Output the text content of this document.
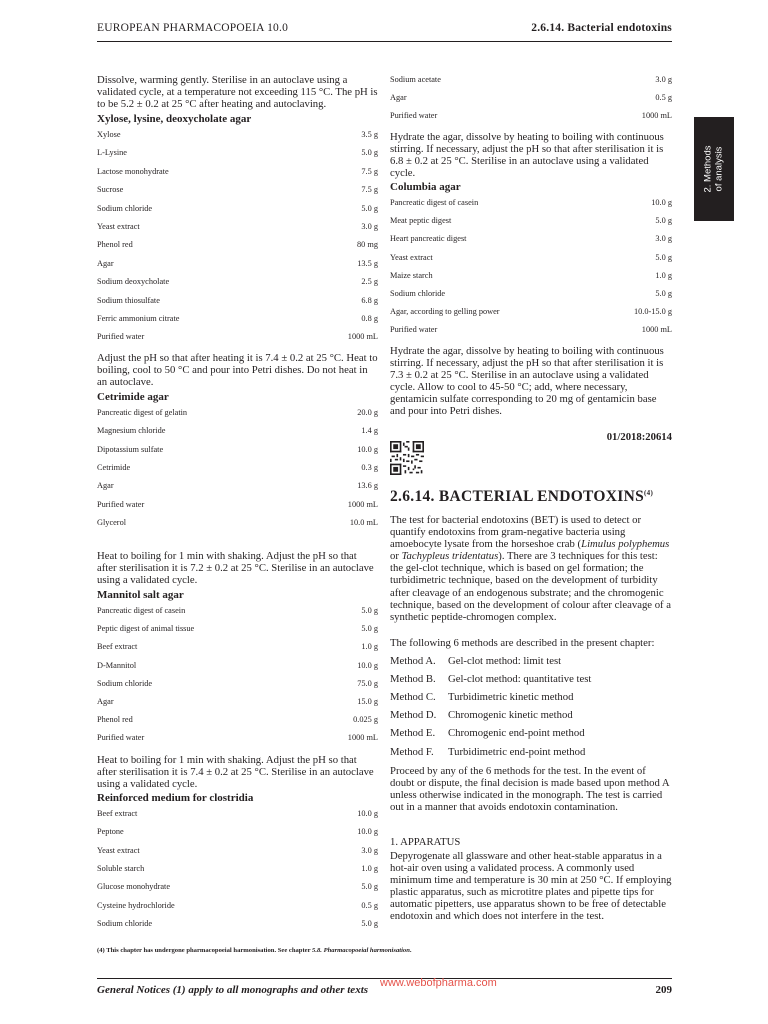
EUROPEAN PHARMACOPOEIA 10.0	2.6.14. Bacterial endotoxins
2. Methods of analysis
Dissolve, warming gently. Sterilise in an autoclave using a validated cycle, at a temperature not exceeding 115 °C. The pH is to be 5.2 ± 0.2 at 25 °C after heating and autoclaving.
Xylose, lysine, deoxycholate agar
Xylose	3.5 g
L-Lysine	5.0 g
Lactose monohydrate	7.5 g
Sucrose	7.5 g
Sodium chloride	5.0 g
Yeast extract	3.0 g
Phenol red	80 mg
Agar	13.5 g
Sodium deoxycholate	2.5 g
Sodium thiosulfate	6.8 g
Ferric ammonium citrate	0.8 g
Purified water	1000 mL
Adjust the pH so that after heating it is 7.4 ± 0.2 at 25 °C. Heat to boiling, cool to 50 °C and pour into Petri dishes. Do not heat in an autoclave.
Cetrimide agar
Pancreatic digest of gelatin	20.0 g
Magnesium chloride	1.4 g
Dipotassium sulfate	10.0 g
Cetrimide	0.3 g
Agar	13.6 g
Purified water	1000 mL
Glycerol	10.0 mL
Heat to boiling for 1 min with shaking. Adjust the pH so that after sterilisation it is 7.2 ± 0.2 at 25 °C. Sterilise in an autoclave using a validated cycle.
Mannitol salt agar
Pancreatic digest of casein	5.0 g
Peptic digest of animal tissue	5.0 g
Beef extract	1.0 g
D-Mannitol	10.0 g
Sodium chloride	75.0 g
Agar	15.0 g
Phenol red	0.025 g
Purified water	1000 mL
Heat to boiling for 1 min with shaking. Adjust the pH so that after sterilisation it is 7.4 ± 0.2 at 25 °C. Sterilise in an autoclave using a validated cycle.
Reinforced medium for clostridia
Beef extract	10.0 g
Peptone	10.0 g
Yeast extract	3.0 g
Soluble starch	1.0 g
Glucose monohydrate	5.0 g
Cysteine hydrochloride	0.5 g
Sodium chloride	5.0 g
Sodium acetate	3.0 g
Agar	0.5 g
Purified water	1000 mL
Hydrate the agar, dissolve by heating to boiling with continuous stirring. If necessary, adjust the pH so that after sterilisation it is 6.8 ± 0.2 at 25 °C. Sterilise in an autoclave using a validated cycle.
Columbia agar
Pancreatic digest of casein	10.0 g
Meat peptic digest	5.0 g
Heart pancreatic digest	3.0 g
Yeast extract	5.0 g
Maize starch	1.0 g
Sodium chloride	5.0 g
Agar, according to gelling power	10.0-15.0 g
Purified water	1000 mL
Hydrate the agar, dissolve by heating to boiling with continuous stirring. If necessary, adjust the pH so that after sterilisation it is 7.3 ± 0.2 at 25 °C. Sterilise in an autoclave using a validated cycle. Allow to cool to 45-50 °C; add, where necessary, gentamicin sulfate corresponding to 20 mg of gentamicin base and pour into Petri dishes.
01/2018:20614
2.6.14. BACTERIAL ENDOTOXINS$^{(4)}$
The test for bacterial endotoxins (BET) is used to detect or quantify endotoxins from gram-negative bacteria using amoebocyte lysate from the horseshoe crab (Limulus polyphemus or Tachypleus tridentatus). There are 3 techniques for this test: the gel-clot technique, which is based on gel formation; the turbidimetric technique, based on the development of turbidity after cleavage of an endogenous substrate; and the chromogenic technique, based on the development of colour after cleavage of a synthetic peptide-chromogen complex.
The following 6 methods are described in the present chapter:
Method A. Gel-clot method: limit test
Method B. Gel-clot method: quantitative test
Method C. Turbidimetric kinetic method
Method D. Chromogenic kinetic method
Method E. Chromogenic end-point method
Method F. Turbidimetric end-point method
Proceed by any of the 6 methods for the test. In the event of doubt or dispute, the final decision is made based upon method A unless otherwise indicated in the monograph. The test is carried out in a manner that avoids endotoxin contamination.
1. APPARATUS
Depyrogenate all glassware and other heat-stable apparatus in a hot-air oven using a validated process. A commonly used minimum time and temperature is 30 min at 250 °C. If employing plastic apparatus, such as microtitre plates and pipette tips for automatic pipetters, use apparatus shown to be free of detectable endotoxin and which does not interfere in the test.
(4) This chapter has undergone pharmacopoeial harmonisation. See chapter 5.8. Pharmacopoeial harmonisation.
General Notices (1) apply to all monographs and other texts
www.webofpharma.com
209
